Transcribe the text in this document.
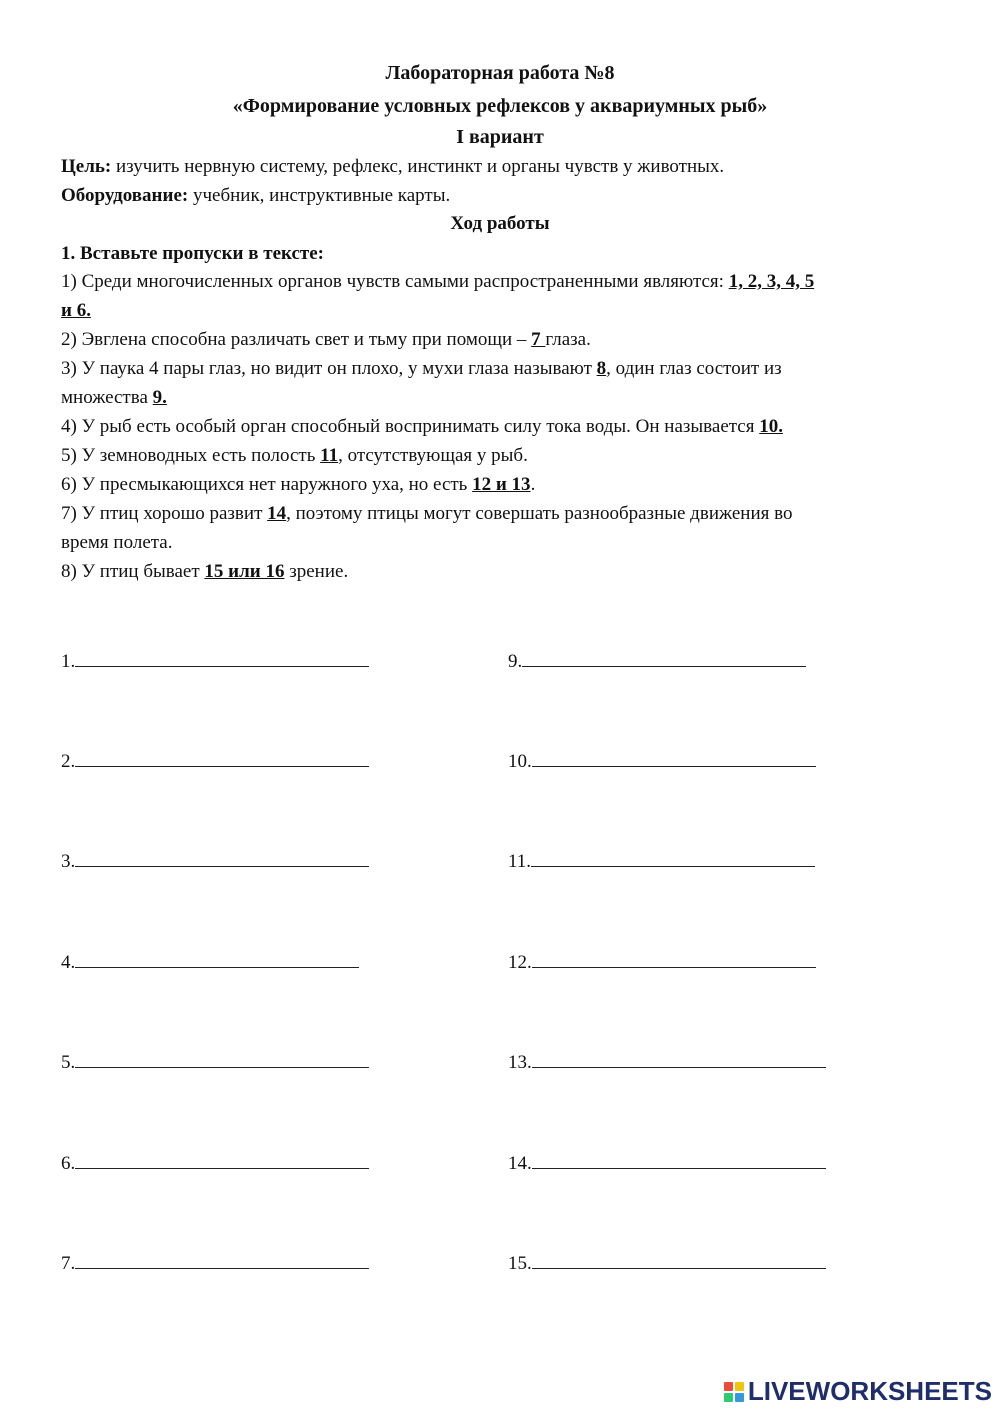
Лабораторная работа №8
«Формирование условных рефлексов у аквариумных рыб»
I вариант
Цель: изучить нервную систему, рефлекс, инстинкт и органы чувств у животных.
Оборудование: учебник, инструктивные карты.
Ход работы
1. Вставьте пропуски в тексте:
1) Среди многочисленных органов чувств самыми распространенными являются: 1, 2, 3, 4, 5
и 6.
2) Эвглена способна различать свет и тьму при помощи – 7 глаза.
3) У паука 4 пары глаз, но видит он плохо, у мухи глаза называют 8, один глаз состоит из
множества 9.
4) У рыб есть особый орган способный воспринимать силу тока воды. Он называется 10.
5) У земноводных есть полость 11, отсутствующая у рыб.
6) У пресмыкающихся нет наружного уха, но есть 12 и 13.
7) У птиц хорошо развит 14, поэтому птицы могут совершать разнообразные движения во
время полета.
8) У птиц бывает 15 или 16 зрение.
1.
2.
3.
4.
5.
6.
7.
9.
10.
11.
12.
13.
14.
15.
LIVEWORKSHEETS
